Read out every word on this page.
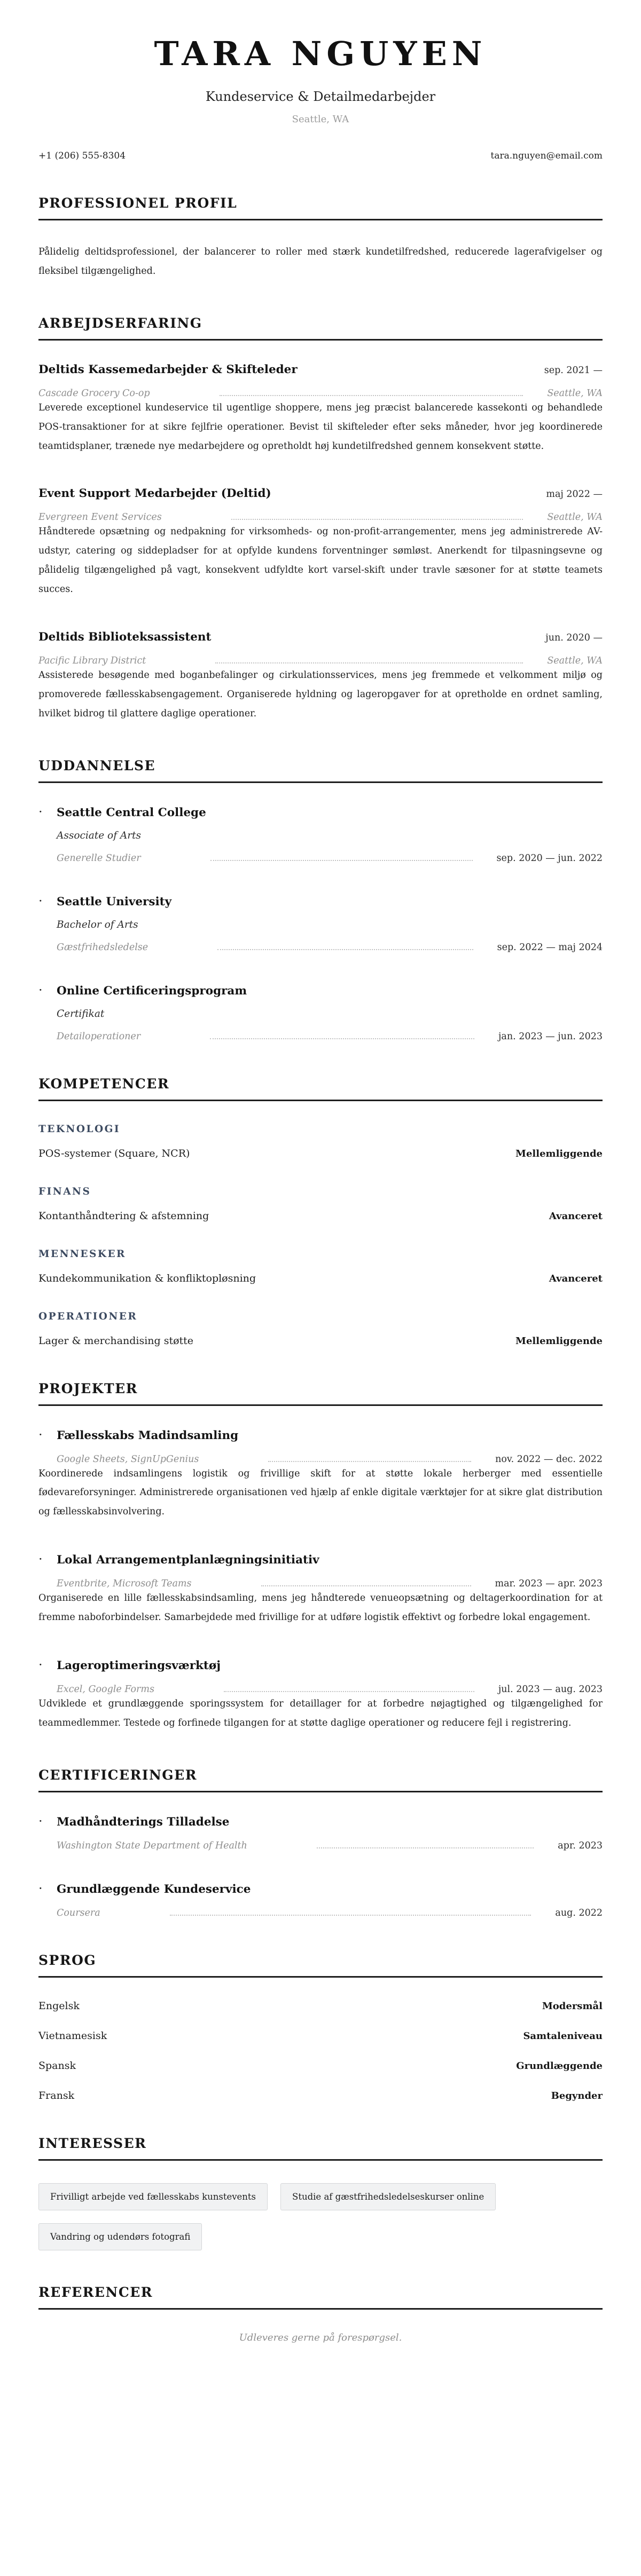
TARA NGUYEN
Kundeservice & Detailmedarbejder
Seattle, WA
+1 (206) 555-8304	tara.nguyen@email.com
PROFESSIONEL PROFIL

Pålidelig deltidsprofessionel, der balancerer to roller med stærk kundetilfredshed, reducerede lagerafvigelser og fleksibel tilgængelighed.

ARBEJDSERFARING
Deltids Kassemedarbejder & Skifteleder	sep. 2021 —
Cascade Grocery Co-op	Seattle, WA

Leverede exceptionel kundeservice til ugentlige shoppere, mens jeg præcist balancerede kassekonti og behandlede POS-transaktioner for at sikre fejlfrie operationer. Bevist til skifteleder efter seks måneder, hvor jeg koordinerede teamtidsplaner, trænede nye medarbejdere og opretholdt høj kundetilfredshed gennem konsekvent støtte.

Event Support Medarbejder (Deltid)	maj 2022 —
Evergreen Event Services	Seattle, WA

Håndterede opsætning og nedpakning for virksomheds- og non-profit-arrangementer, mens jeg administrerede AV-udstyr, catering og siddepladser for at opfylde kundens forventninger sømløst. Anerkendt for tilpasningsevne og pålidelig tilgængelighed på vagt, konsekvent udfyldte kort varsel-skift under travle sæsoner for at støtte teamets succes.

Deltids Biblioteksassistent	jun. 2020 —
Pacific Library District	Seattle, WA

Assisterede besøgende med boganbefalinger og cirkulationsservices, mens jeg fremmede et velkomment miljø og promoverede fællesskabsengagement. Organiserede hyldning og lageropgaver for at opretholde en ordnet samling, hvilket bidrog til glattere daglige operationer.

UDDANNELSE
·	Seattle Central College
Associate of Arts
Generelle Studier	sep. 2020 — jun. 2022
·	Seattle University
Bachelor of Arts
Gæstfrihedsledelse	sep. 2022 — maj 2024
·	Online Certificeringsprogram
Certifikat
Detailoperationer	jan. 2023 — jun. 2023
KOMPETENCER
TEKNOLOGI
POS-systemer (Square, NCR)	Mellemliggende
FINANS
Kontanthåndtering & afstemning	Avanceret
MENNESKER
Kundekommunikation & konfliktopløsning	Avanceret
OPERATIONER
Lager & merchandising støtte	Mellemliggende
PROJEKTER
·	Fællesskabs Madindsamling
Google Sheets, SignUpGenius	nov. 2022 — dec. 2022

Koordinerede indsamlingens logistik og frivillige skift for at støtte lokale herberger med essentielle fødevareforsyninger. Administrerede organisationen ved hjælp af enkle digitale værktøjer for at sikre glat distribution og fællesskabsinvolvering.

·	Lokal Arrangementplanlægningsinitiativ
Eventbrite, Microsoft Teams	mar. 2023 — apr. 2023

Organiserede en lille fællesskabsindsamling, mens jeg håndterede venueopsætning og deltagerkoordination for at fremme naboforbindelser. Samarbejdede med frivillige for at udføre logistik effektivt og forbedre lokal engagement.

·	Lageroptimeringsværktøj
Excel, Google Forms	jul. 2023 — aug. 2023

Udviklede et grundlæggende sporingssystem for detaillager for at forbedre nøjagtighed og tilgængelighed for teammedlemmer. Testede og forfinede tilgangen for at støtte daglige operationer og reducere fejl i registrering.

CERTIFICERINGER
·	Madhåndterings Tilladelse
Washington State Department of Health	apr. 2023
·	Grundlæggende Kundeservice
Coursera	aug. 2022
SPROG
Engelsk	Modersmål
Vietnamesisk	Samtaleniveau
Spansk	Grundlæggende
Fransk	Begynder
INTERESSER
Frivilligt arbejde ved fællesskabs kunstevents	Studie af gæstfrihedsledelseskurser online
Vandring og udendørs fotografi
REFERENCER

Udleveres gerne på forespørgsel.
